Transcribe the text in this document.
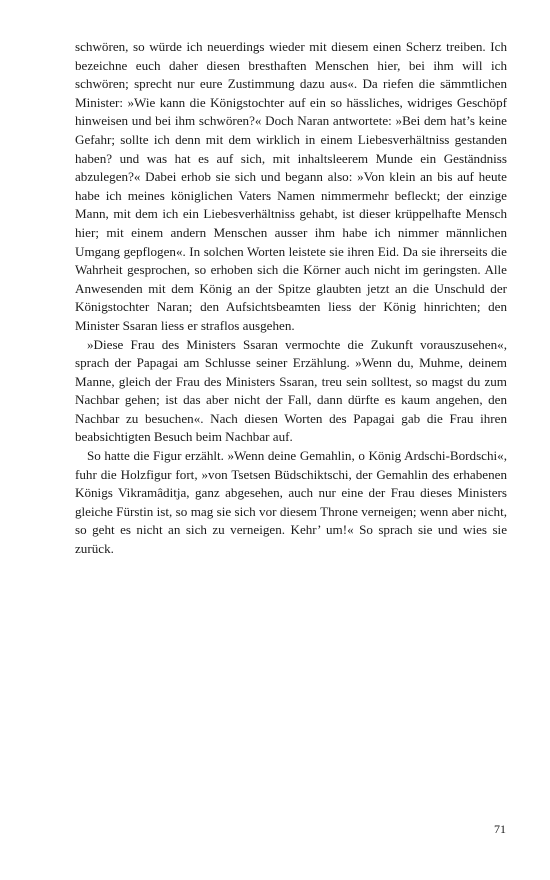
schwören, so würde ich neuerdings wieder mit diesem einen Scherz treiben. Ich bezeichne euch daher diesen bresthaften Menschen hier, bei ihm will ich schwören; sprecht nur eure Zustimmung dazu aus«. Da riefen die sämmtlichen Minister: »Wie kann die Königstochter auf ein so hässliches, widriges Geschöpf hinweisen und bei ihm schwören?« Doch Naran antwortete: »Bei dem hat’s keine Gefahr; sollte ich denn mit dem wirklich in einem Liebesverhältniss gestanden haben? und was hat es auf sich, mit inhaltsleerem Munde ein Geständniss abzulegen?« Dabei erhob sie sich und begann also: »Von klein an bis auf heute habe ich meines königlichen Vaters Namen nimmermehr befleckt; der einzige Mann, mit dem ich ein Liebesverhältniss gehabt, ist dieser krüppelhafte Mensch hier; mit einem andern Menschen ausser ihm habe ich nimmer männlichen Umgang gepflogen«. In solchen Worten leistete sie ihren Eid. Da sie ihrerseits die Wahrheit gesprochen, so erhoben sich die Körner auch nicht im geringsten. Alle Anwesenden mit dem König an der Spitze glaubten jetzt an die Unschuld der Königstochter Naran; den Aufsichtsbeamten liess der König hinrichten; den Minister Ssaran liess er straflos ausgehen.

»Diese Frau des Ministers Ssaran vermochte die Zukunft vorauszusehen«, sprach der Papagai am Schlusse seiner Erzählung. »Wenn du, Muhme, deinem Manne, gleich der Frau des Ministers Ssaran, treu sein solltest, so magst du zum Nachbar gehen; ist das aber nicht der Fall, dann dürfte es kaum angehen, den Nachbar zu besuchen«. Nach diesen Worten des Papagai gab die Frau ihren beabsichtigten Besuch beim Nachbar auf.

So hatte die Figur erzählt. »Wenn deine Gemahlin, o König Ardschi-Bordschi«, fuhr die Holzfigur fort, »von Tsetsen Büdschiktschi, der Gemahlin des erhabenen Königs Vikramâditja, ganz abgesehen, auch nur eine der Frau dieses Ministers gleiche Fürstin ist, so mag sie sich vor diesem Throne verneigen; wenn aber nicht, so geht es nicht an sich zu verneigen. Kehr’ um!« So sprach sie und wies sie zurück.

71
